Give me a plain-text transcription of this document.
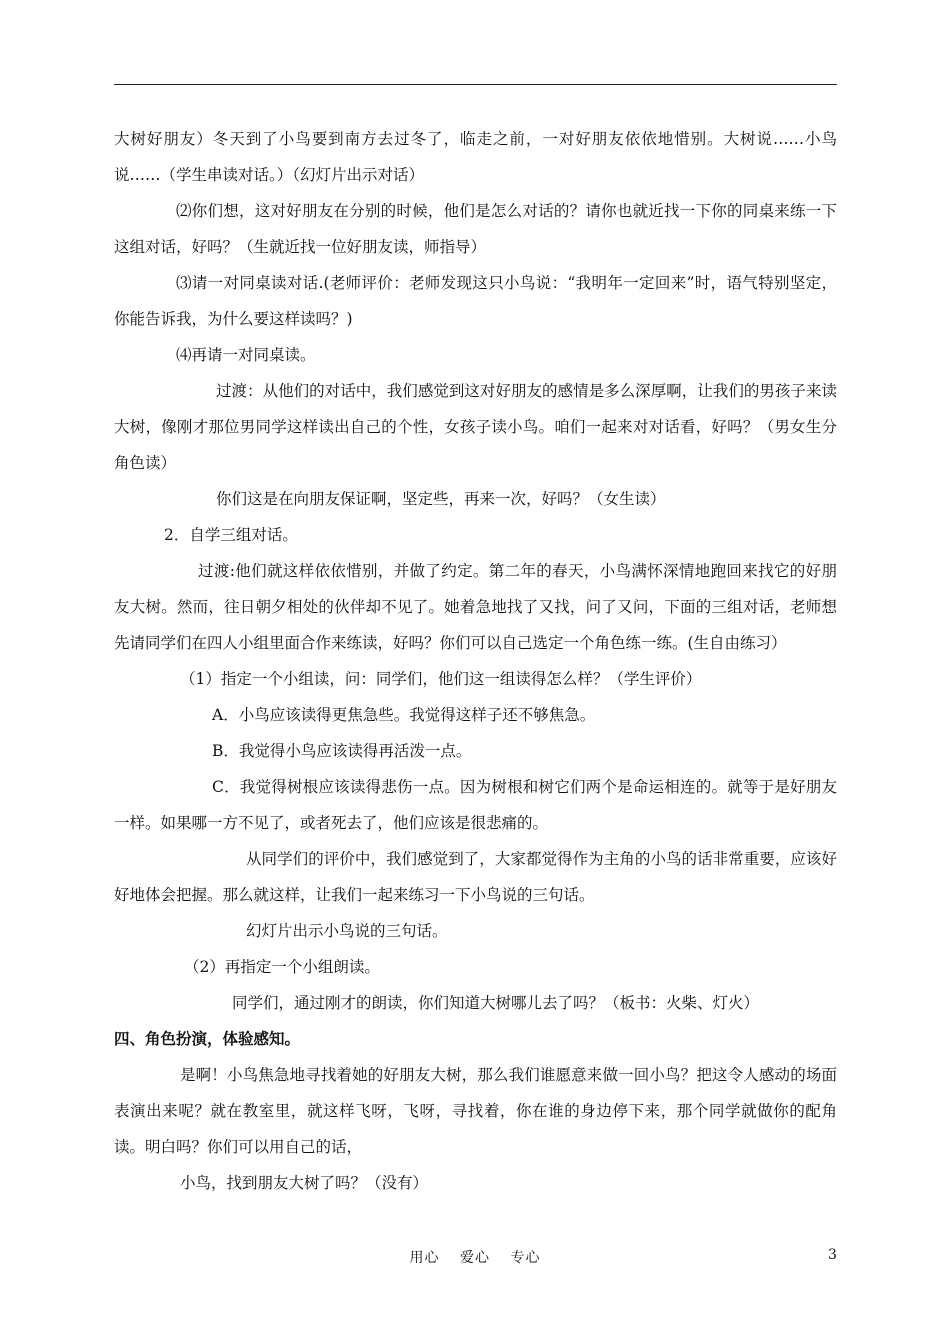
大树好朋友）冬天到了小鸟要到南方去过冬了，临走之前，一对好朋友依依地惜别。大树说……小鸟说……（学生串读对话。）（幻灯片出示对话）

⑵你们想，这对好朋友在分别的时候，他们是怎么对话的？请你也就近找一下你的同桌来练一下这组对话，好吗？（生就近找一位好朋友读，师指导）

⑶请一对同桌读对话.(老师评价：老师发现这只小鸟说：“我明年一定回来”时，语气特别坚定，你能告诉我，为什么要这样读吗？)

⑷再请一对同桌读。

过渡：从他们的对话中，我们感觉到这对好朋友的感情是多么深厚啊，让我们的男孩子来读大树，像刚才那位男同学这样读出自己的个性，女孩子读小鸟。咱们一起来对对话看，好吗？（男女生分角色读）

你们这是在向朋友保证啊，坚定些，再来一次，好吗？（女生读）

2．自学三组对话。

过渡:他们就这样依依惜别，并做了约定。第二年的春天，小鸟满怀深情地跑回来找它的好朋友大树。然而，往日朝夕相处的伙伴却不见了。她着急地找了又找，问了又问，下面的三组对话，老师想先请同学们在四人小组里面合作来练读，好吗？你们可以自己选定一个角色练一练。(生自由练习）

（1）指定一个小组读，问：同学们，他们这一组读得怎么样？（学生评价）

A．小鸟应该读得更焦急些。我觉得这样子还不够焦急。

B．我觉得小鸟应该读得再活泼一点。

C．我觉得树根应该读得悲伤一点。因为树根和树它们两个是命运相连的。就等于是好朋友一样。如果哪一方不见了，或者死去了，他们应该是很悲痛的。

从同学们的评价中，我们感觉到了，大家都觉得作为主角的小鸟的话非常重要，应该好好地体会把握。那么就这样，让我们一起来练习一下小鸟说的三句话。

幻灯片出示小鸟说的三句话。

（2）再指定一个小组朗读。

同学们，通过刚才的朗读，你们知道大树哪儿去了吗？（板书：火柴、灯火）

四、角色扮演，体验感知。

是啊！小鸟焦急地寻找着她的好朋友大树，那么我们谁愿意来做一回小鸟？把这令人感动的场面表演出来呢？就在教室里，就这样飞呀，飞呀，寻找着，你在谁的身边停下来，那个同学就做你的配角读。明白吗？你们可以用自己的话，

小鸟，找到朋友大树了吗？（没有）

用心　 爱心　 专心	3
